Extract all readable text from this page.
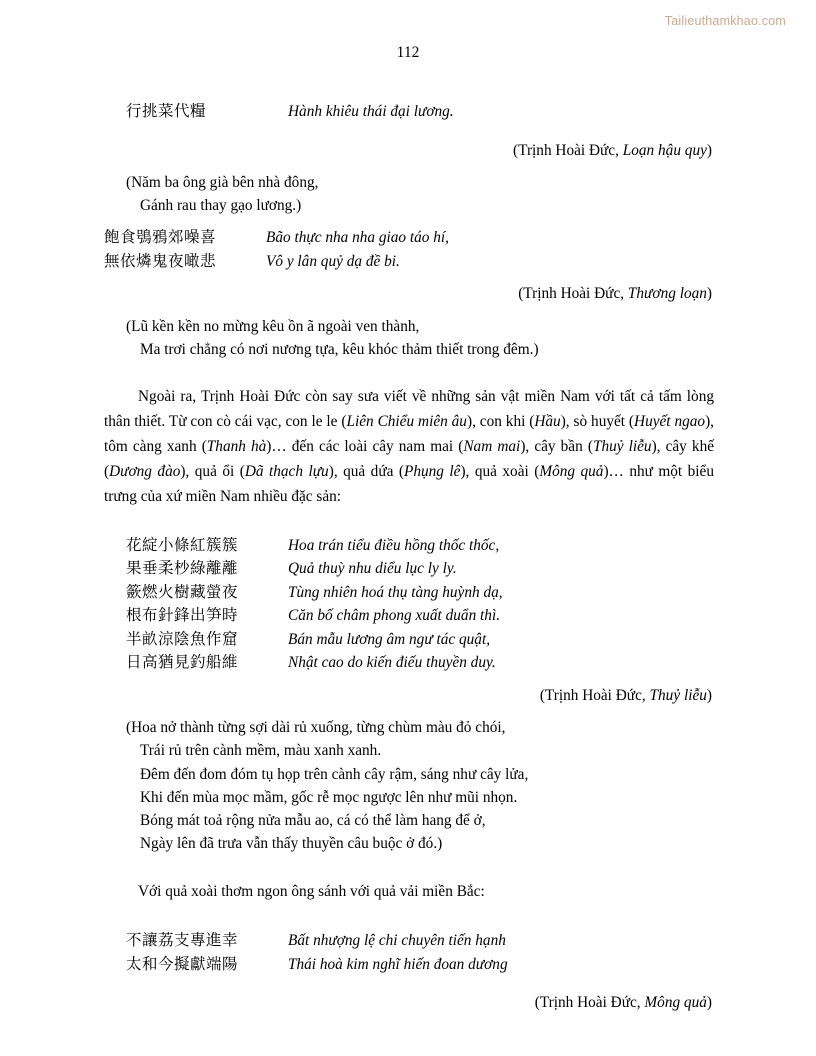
Tailieuthamkhao.com
112
行挑菜代糧	Hành khiêu thái đại lương.
(Trịnh Hoài Đức, Loạn hậu quy)
(Năm ba ông già bên nhà đông,
Gánh rau thay gạo lương.)
飽食鴞鴉郊噪喜	Bão thực nha nha giao táo hí,
無依燐鬼夜噉悲	Vô y lân quỷ dạ đề bi.
(Trịnh Hoài Đức, Thương loạn)
(Lũ kền kền no mừng kêu ồn ã ngoài ven thành,
Ma trơi chẳng có nơi nương tựa, kêu khóc thảm thiết trong đêm.)

Ngoài ra, Trịnh Hoài Đức còn say sưa viết về những sản vật miền Nam với tất cả tấm lòng thân thiết. Từ con cò cái vạc, con le le (Liên Chiểu miên âu), con khi (Hầu), sò huyết (Huyết ngao), tôm càng xanh (Thanh hà)… đến các loài cây nam mai (Nam mai), cây bần (Thuỷ liễu), cây khế (Dương đào), quả ổi (Dã thạch lựu), quả dứa (Phụng lê), quả xoài (Mông quả)… như một biểu trưng của xứ miền Nam nhiều đặc sản:

花綻小條紅簇簇	Hoa trán tiểu điều hồng thốc thốc,
果垂柔杪綠離離	Quả thuỳ nhu diểu lục ly ly.
籨燃火樹藏螢夜	Tùng nhiên hoá thụ tàng huỳnh dạ,
根布針鋒出笋時	Căn bố châm phong xuất duẩn thì.
半畝涼陰魚作窟	Bán mẫu lương âm ngư tác quật,
日高猶見釣船維	Nhật cao do kiến điếu thuyền duy.
(Trịnh Hoài Đức, Thuỷ liễu)
(Hoa nở thành từng sợi dài rủ xuống, từng chùm màu đỏ chói,
Trái rủ trên cành mềm, màu xanh xanh.
Đêm đến đom đóm tụ họp trên cành cây rậm, sáng như cây lửa,
Khi đến mùa mọc mầm, gốc rễ mọc ngược lên như mũi nhọn.
Bóng mát toả rộng nửa mẫu ao, cá có thể làm hang để ở,
Ngày lên đã trưa vẫn thấy thuyền câu buộc ở đó.)

Với quả xoài thơm ngon ông sánh với quả vải miền Bắc:

不讓荔支專進幸	Bất nhượng lệ chi chuyên tiến hạnh
太和今擬獻端陽	Thái hoà kim nghĩ hiến đoan dương
(Trịnh Hoài Đức, Mông quả)
